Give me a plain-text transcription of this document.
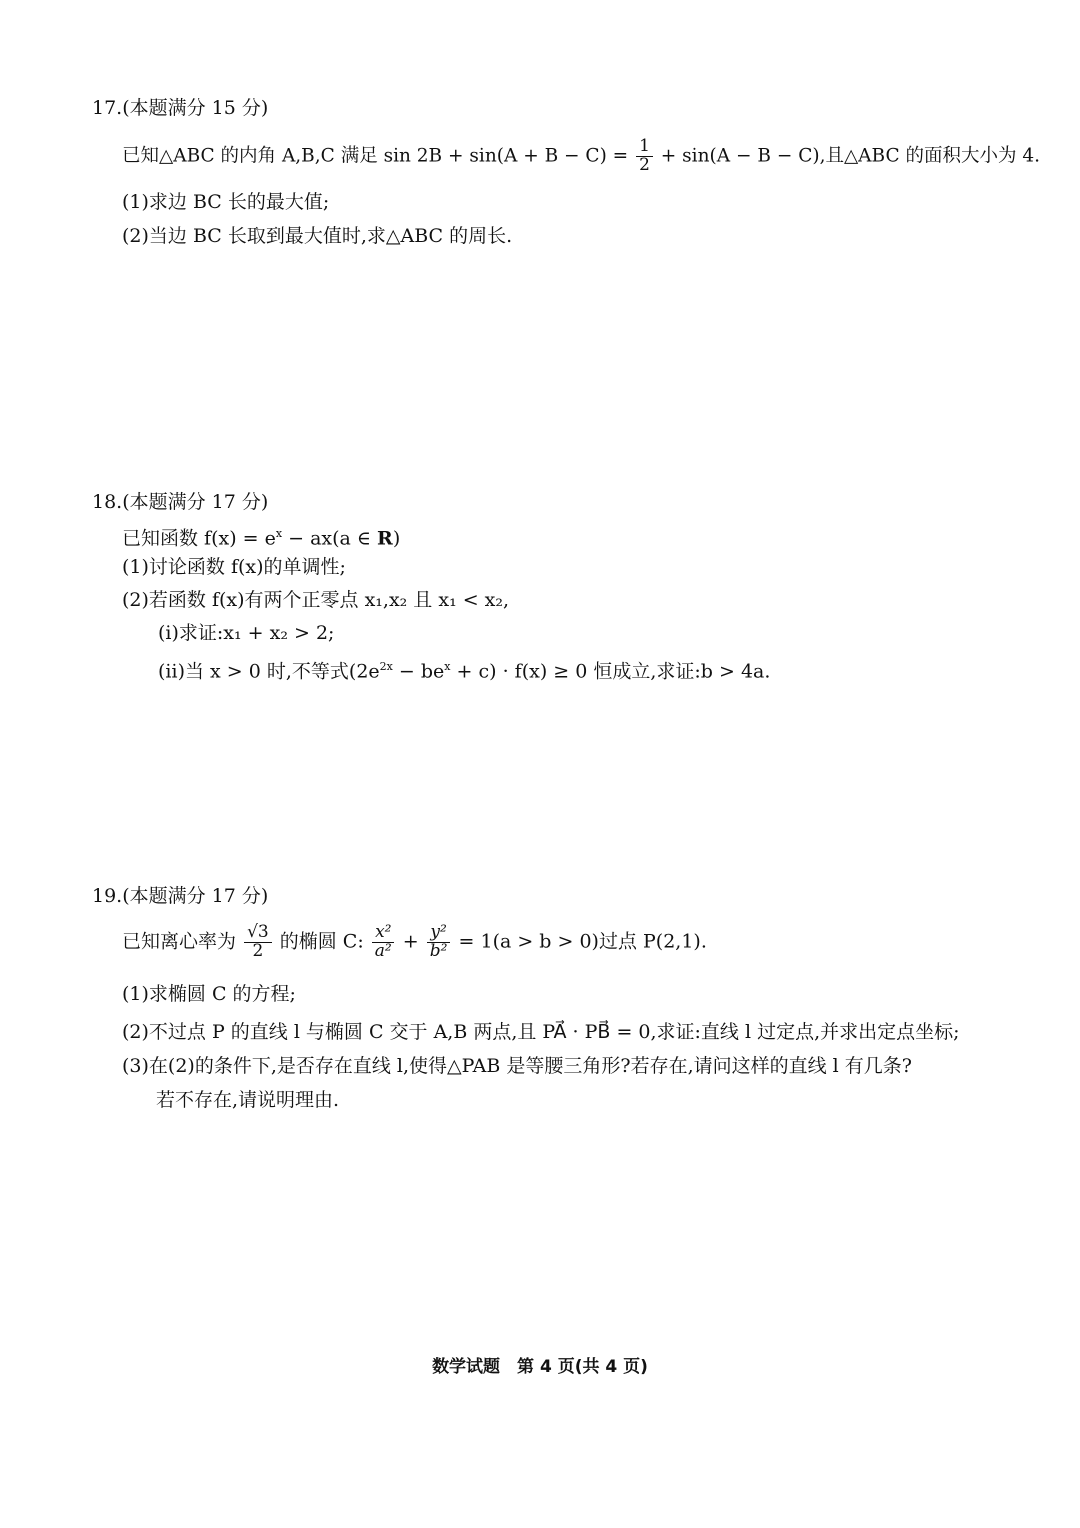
17.(本题满分 15 分)
已知△ABC 的内角 A,B,C 满足 $\sin 2B + \sin(A + B - C) = \frac{1}{2} + \sin(A - B - C)$,且△ABC 的面积大小为 4.
(1)求边 BC 长的最大值;
(2)当边 BC 长取到最大值时,求△ABC 的周长.
18.(本题满分 17 分)
已知函数 $f(x) = e^x - ax(a$ ∈ R)
(1)讨论函数 f(x)的单调性;
(2)若函数 f(x)有两个正零点 x₁,x₂ 且 x₁ < x₂,
(ⅰ)求证:x₁ + x₂ > 2;
(ⅱ)当 x > 0 时,不等式$(2e^{2x} - be^x + c) \cdot f(x) \ge 0$ 恒成立,求证:b > 4a.
19.(本题满分 17 分)
已知离心率为 $\frac{√3}{2}$ 的椭圆 C: $\frac{\text{x²}}{\text{a²}} + \frac{\text{y²}}{\text{b²}} = 1(a > b > 0)$过点 P(2,1).
(1)求椭圆 C 的方程;
(2)不过点 P 的直线 l 与椭圆 C 交于 A,B 两点,且 PA⃗ · PB⃗ = 0,求证:直线 l 过定点,并求出定点坐标;
(3)在(2)的条件下,是否存在直线 l,使得△PAB 是等腰三角形?若存在,请问这样的直线 l 有几条?
若不存在,请说明理由.
数学试题　第 4 页(共 4 页)
